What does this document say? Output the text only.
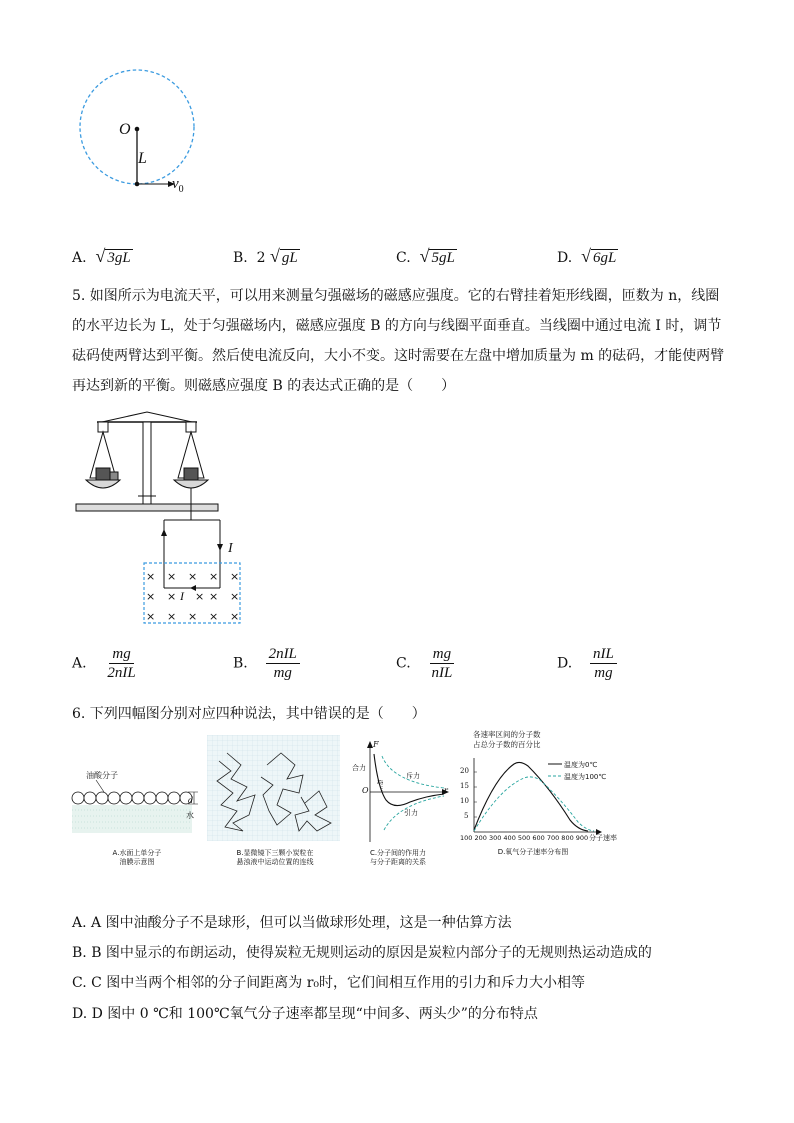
O
L
$v_0$
A. √ 3gL	B. 2 √ gL	C. √ 5gL	D. √ 6gL
5. 如图所示为电流天平，可以用来测量匀强磁场的磁感应强度。它的右臂挂着矩形线圈，匝数为 n，线圈
的水平边长为 L，处于匀强磁场内，磁感应强度 B 的方向与线圈平面垂直。当线圈中通过电流 I 时，调节
砝码使两臂达到平衡。然后使电流反向，大小不变。这时需要在左盘中增加质量为 m 的砝码，才能使两臂
再达到新的平衡。则磁感应强度 B 的表达式正确的是（　　）
I
I
× × × × ×
× × × × ×
× × × × ×
A. $\frac{mg}{\text{2nIL}}$	B. $\frac{\text{2nIL}}{mg}$	C. $\frac{mg}{\text{nIL}}$	D. $\frac{\text{nIL}}{mg}$
6. 下列四幅图分别对应四种说法，其中错误的是（　　）
油酸分子
d
水
A.水面上单分子
油膜示意图
B.显微镜下三颗小炭粒在
悬浊液中运动位置的连线
F
合力
O
r₀
r
斥力
引力
C.分子间的作用力
与分子距离的关系
各速率区间的分子数
占总分子数的百分比
温度为0℃
温度为100℃
20
15
10
5
100 200 300 400 500 600 700 800 900 分子速率
D.氧气分子速率分布图
A. A 图中油酸分子不是球形，但可以当做球形处理，这是一种估算方法
B. B 图中显示的布朗运动，使得炭粒无规则运动的原因是炭粒内部分子的无规则热运动造成的
C. C 图中当两个相邻的分子间距离为 r₀时，它们间相互作用的引力和斥力大小相等
D. D 图中 0 ℃和 100℃氧气分子速率都呈现“中间多、两头少”的分布特点
